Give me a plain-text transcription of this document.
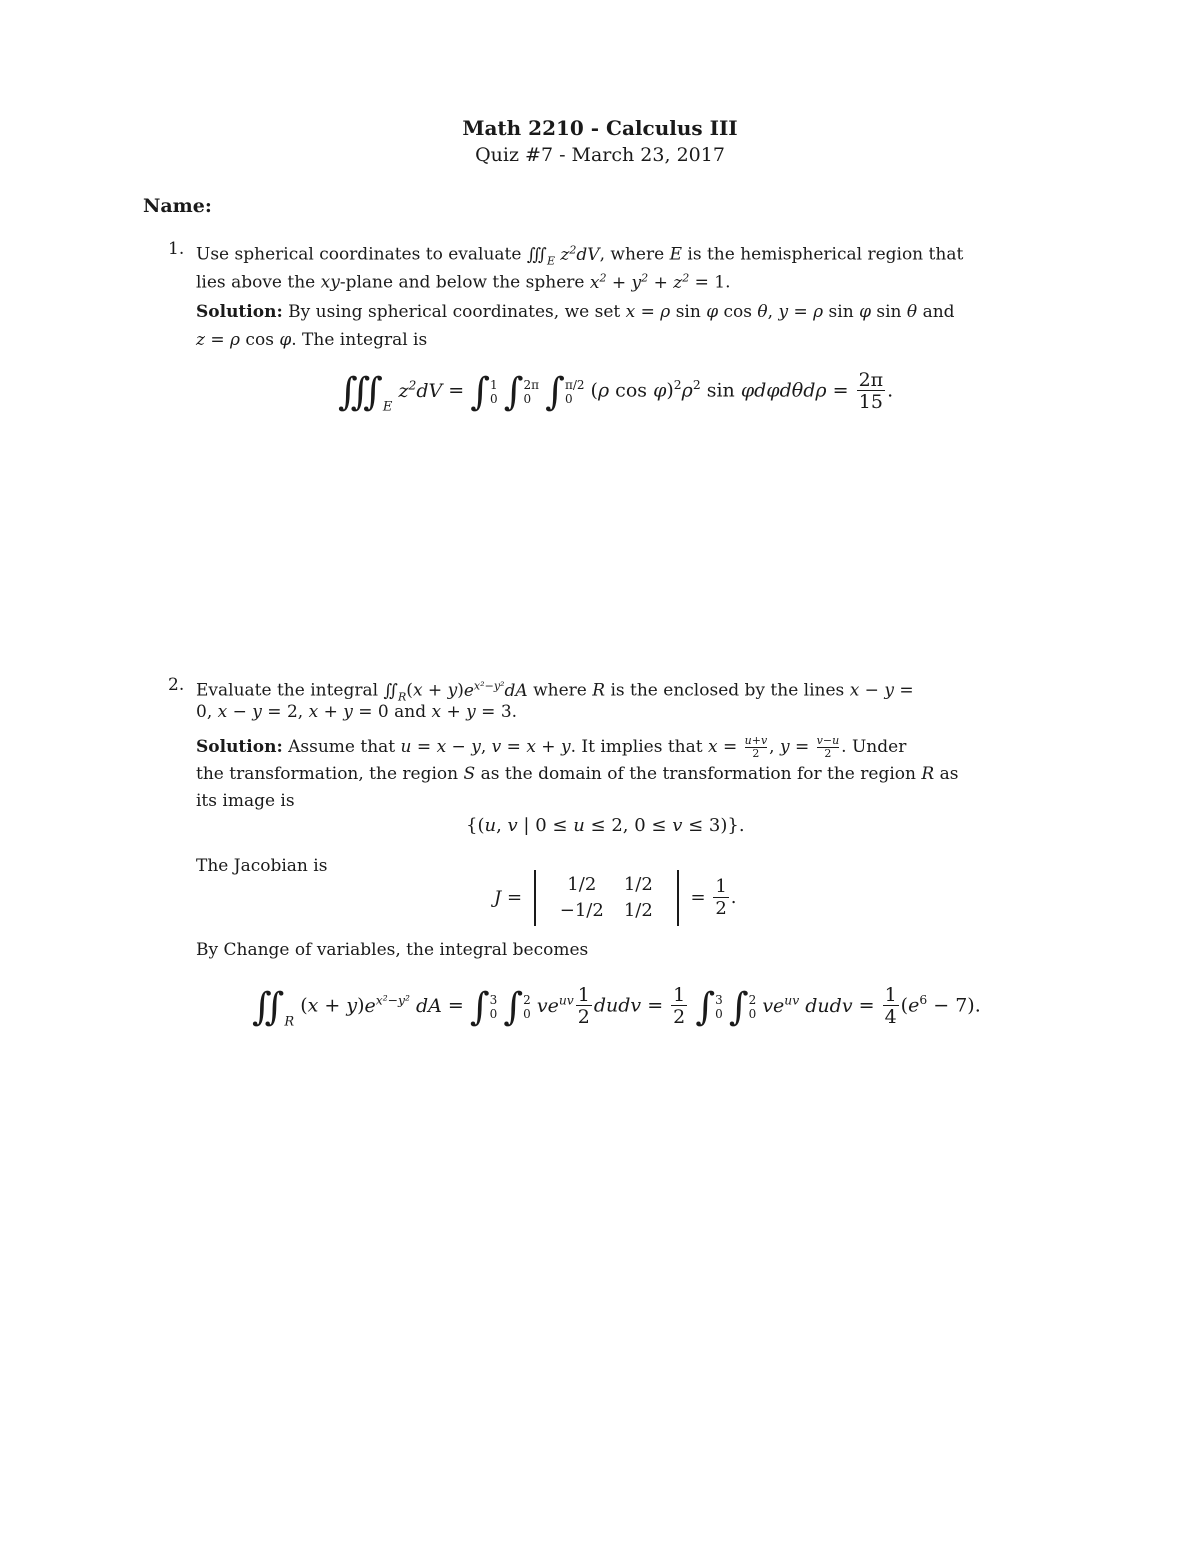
Math 2210 - Calculus III
Quiz #7 - March 23, 2017
Name:
1. Use spherical coordinates to evaluate $∭_E$ $z^2dV$, where E is the hemispherical region that
lies above the xy-plane and below the sphere $x^2 + y^2 + z^2 = 1$.
Solution: By using spherical coordinates, we set x = ρ sin φ cos θ, y = ρ sin φ sin θ and
z = ρ cos φ. The integral is
$∭_E$ $z^2dV = \int 1$
0 ∫2π
0 ∫π/2
0 (ρ $\cos \varphi)^2\rho^2$ $\sin \varphi d\varphi d\theta d\rho = \frac{2\pi}{15}$ .
2. Evaluate the integral $∬_R(x + y)e^{x^2-y^2}dA$ where R is the enclosed by the lines x − y =
0, x − y = 2, x + y = 0 and x + y = 3.
Solution: Assume that u = x − y, v = x + y. It implies that $x = \frac{u+v}{2}$ , $y = \frac{v-u}{2}$ . Under
the transformation, the region S as the domain of the transformation for the region R as
its image is
{(u, v | 0 ≤ u ≤ 2, 0 ≤ v ≤ 3)}.
The Jacobian is
J =
1/2	1/2
−1/2	1/2
= $\frac{1}{2}$ .
By Change of variables, the integral becomes
$∬_R$ $(x + y)e^{x^2-y^2}$ dA = ∫3
0 ∫2
0 $ve^{uv} \frac{1}{2}$ dudv = $\frac{1}{2} \int 3$
0 ∫2
0 $ve^{uv}$ dudv = $\frac{1}{4} (e^6 - 7)$.
